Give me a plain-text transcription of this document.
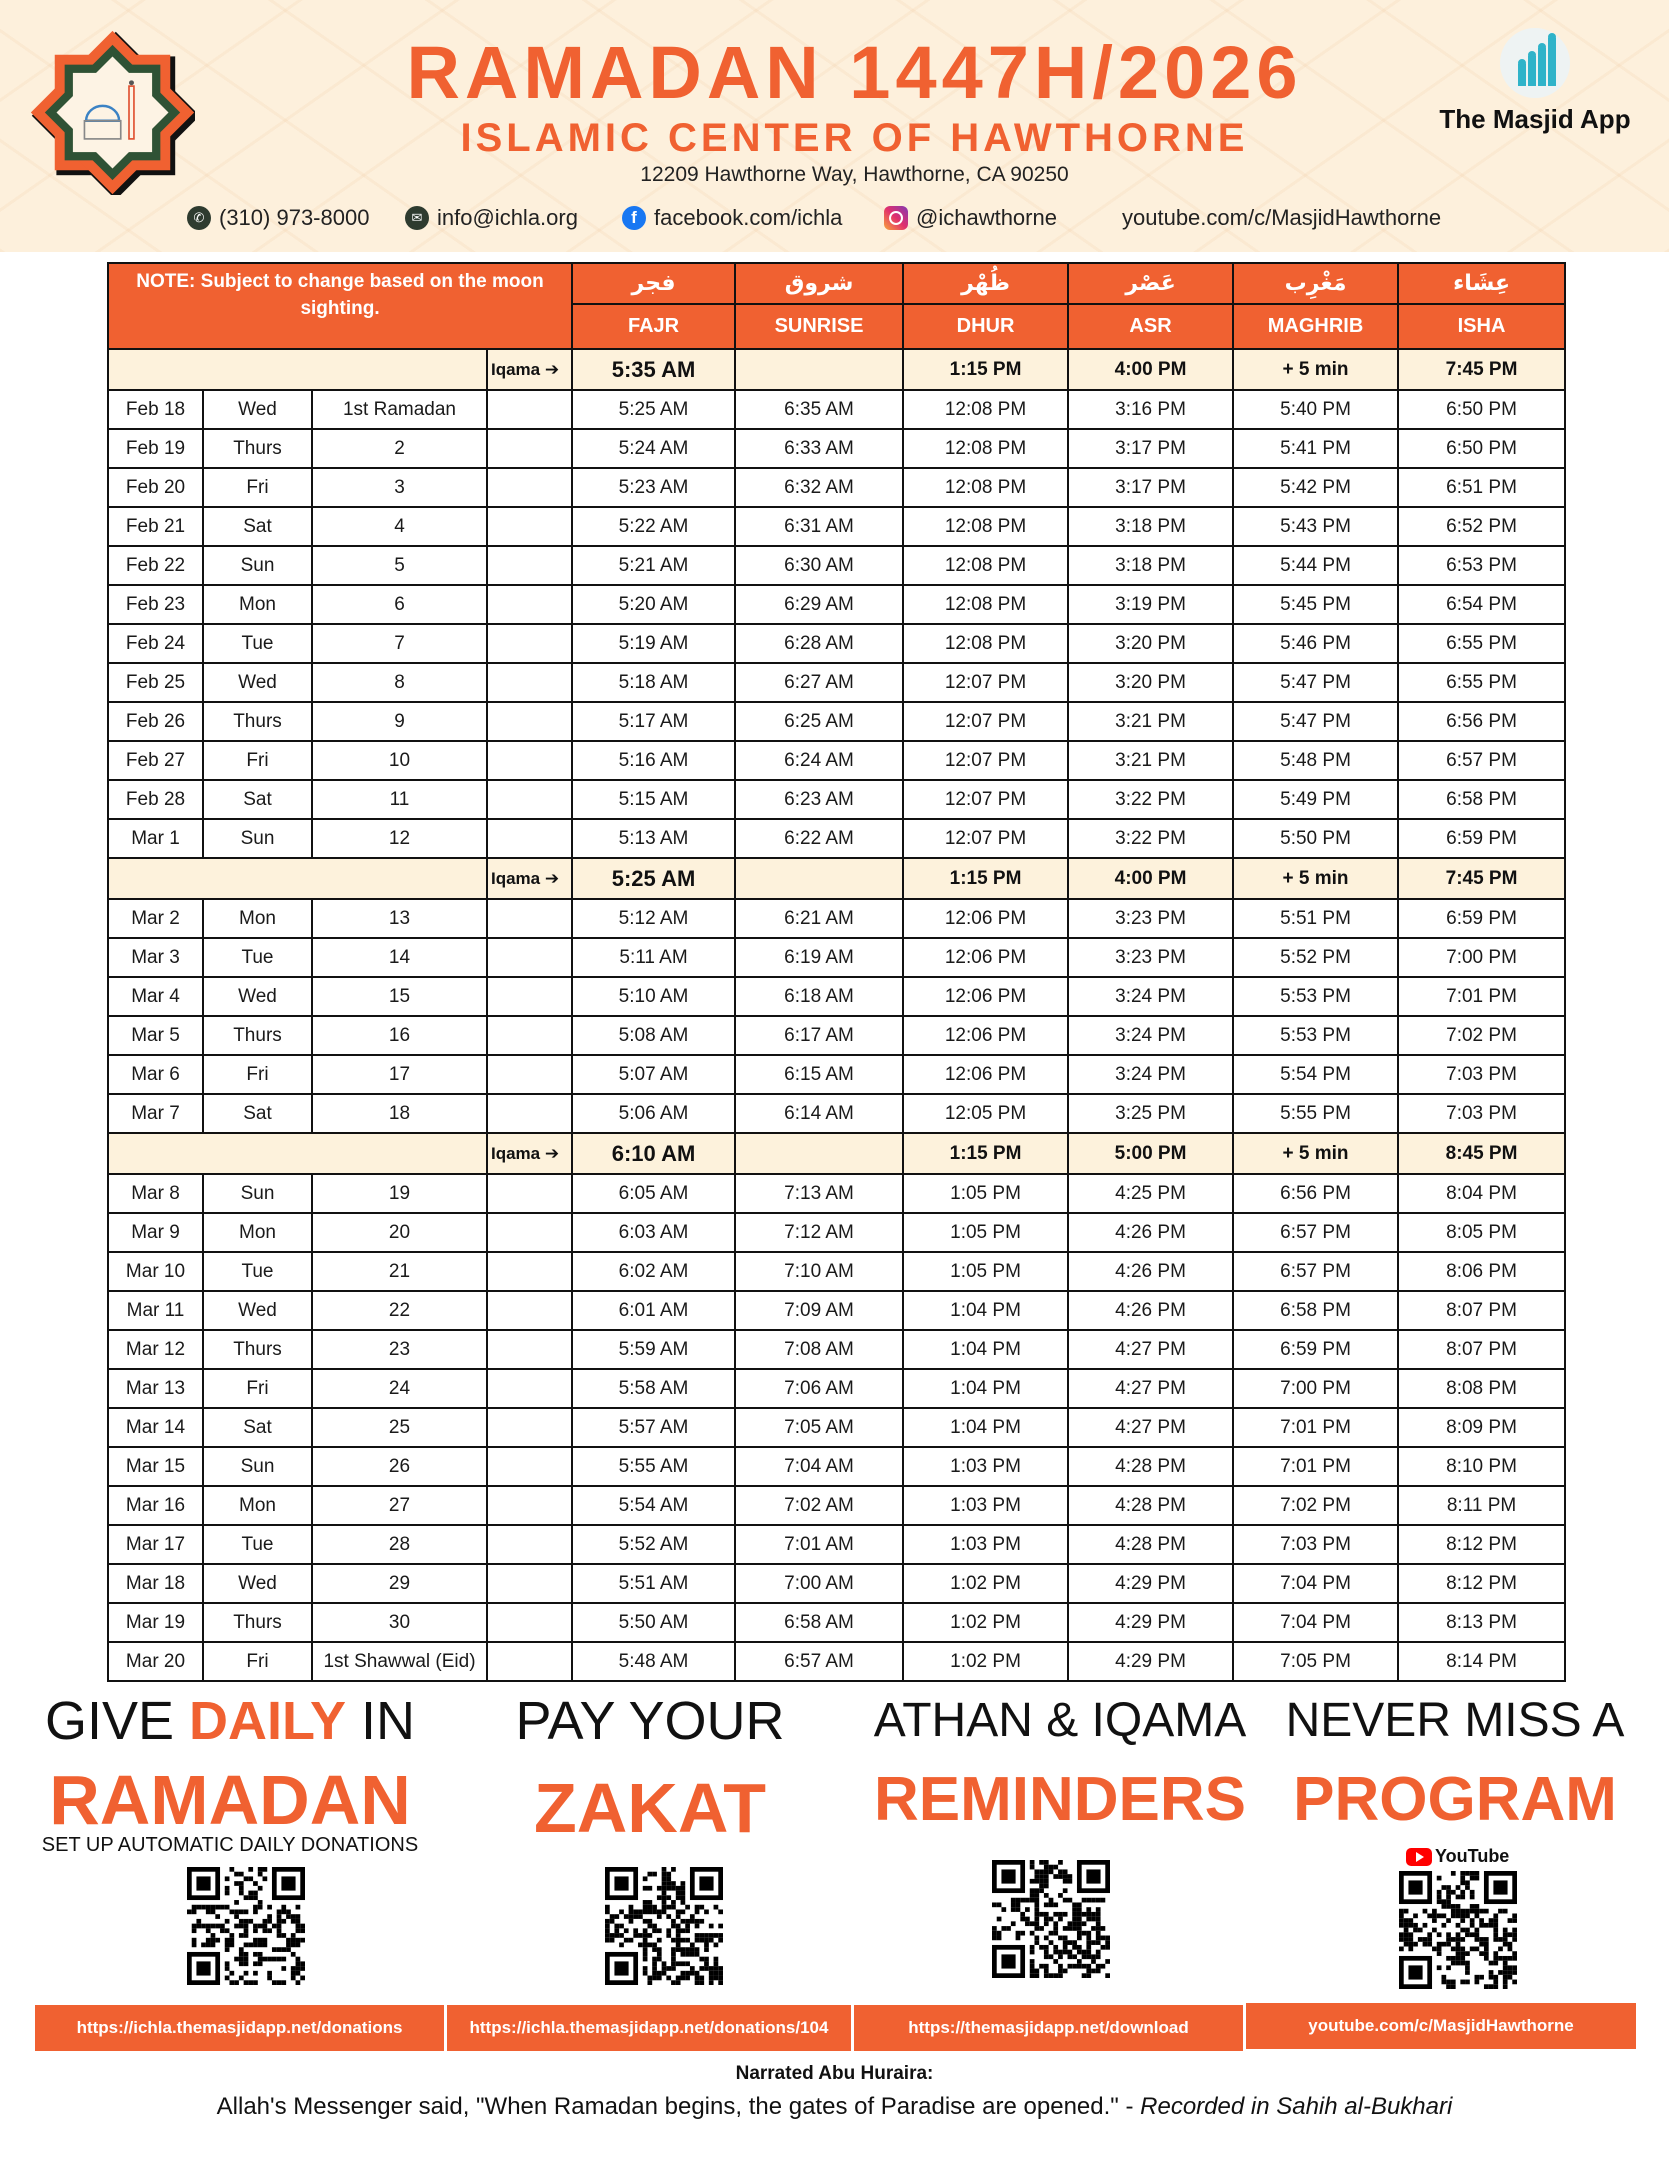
RAMADAN 1447H/2026
ISLAMIC CENTER OF HAWTHORNE
12209 Hawthorne Way, Hawthorne, CA 90250
✆ (310) 973-8000	✉ info@ichla.org	f facebook.com/ichla	@ichawthorne	youtube.com/c/MasjidHawthorne
The Masjid App
NOTE: Subject to change based on the moon sighting.				فجر	شروق	ظُهْر	عَصْر	مَغْرِب	عِشَاء
				FAJR	SUNRISE	DHUR	ASR	MAGHRIB	ISHA
			Iqama ➔	5:35 AM		1:15 PM	4:00 PM	+ 5 min	7:45 PM
Feb 18	Wed	1st Ramadan		5:25 AM	6:35 AM	12:08 PM	3:16 PM	5:40 PM	6:50 PM
Feb 19	Thurs	2		5:24 AM	6:33 AM	12:08 PM	3:17 PM	5:41 PM	6:50 PM
Feb 20	Fri	3		5:23 AM	6:32 AM	12:08 PM	3:17 PM	5:42 PM	6:51 PM
Feb 21	Sat	4		5:22 AM	6:31 AM	12:08 PM	3:18 PM	5:43 PM	6:52 PM
Feb 22	Sun	5		5:21 AM	6:30 AM	12:08 PM	3:18 PM	5:44 PM	6:53 PM
Feb 23	Mon	6		5:20 AM	6:29 AM	12:08 PM	3:19 PM	5:45 PM	6:54 PM
Feb 24	Tue	7		5:19 AM	6:28 AM	12:08 PM	3:20 PM	5:46 PM	6:55 PM
Feb 25	Wed	8		5:18 AM	6:27 AM	12:07 PM	3:20 PM	5:47 PM	6:55 PM
Feb 26	Thurs	9		5:17 AM	6:25 AM	12:07 PM	3:21 PM	5:47 PM	6:56 PM
Feb 27	Fri	10		5:16 AM	6:24 AM	12:07 PM	3:21 PM	5:48 PM	6:57 PM
Feb 28	Sat	11		5:15 AM	6:23 AM	12:07 PM	3:22 PM	5:49 PM	6:58 PM
Mar 1	Sun	12		5:13 AM	6:22 AM	12:07 PM	3:22 PM	5:50 PM	6:59 PM
			Iqama ➔	5:25 AM		1:15 PM	4:00 PM	+ 5 min	7:45 PM
Mar 2	Mon	13		5:12 AM	6:21 AM	12:06 PM	3:23 PM	5:51 PM	6:59 PM
Mar 3	Tue	14		5:11 AM	6:19 AM	12:06 PM	3:23 PM	5:52 PM	7:00 PM
Mar 4	Wed	15		5:10 AM	6:18 AM	12:06 PM	3:24 PM	5:53 PM	7:01 PM
Mar 5	Thurs	16		5:08 AM	6:17 AM	12:06 PM	3:24 PM	5:53 PM	7:02 PM
Mar 6	Fri	17		5:07 AM	6:15 AM	12:06 PM	3:24 PM	5:54 PM	7:03 PM
Mar 7	Sat	18		5:06 AM	6:14 AM	12:05 PM	3:25 PM	5:55 PM	7:03 PM
			Iqama ➔	6:10 AM		1:15 PM	5:00 PM	+ 5 min	8:45 PM
Mar 8	Sun	19		6:05 AM	7:13 AM	1:05 PM	4:25 PM	6:56 PM	8:04 PM
Mar 9	Mon	20		6:03 AM	7:12 AM	1:05 PM	4:26 PM	6:57 PM	8:05 PM
Mar 10	Tue	21		6:02 AM	7:10 AM	1:05 PM	4:26 PM	6:57 PM	8:06 PM
Mar 11	Wed	22		6:01 AM	7:09 AM	1:04 PM	4:26 PM	6:58 PM	8:07 PM
Mar 12	Thurs	23		5:59 AM	7:08 AM	1:04 PM	4:27 PM	6:59 PM	8:07 PM
Mar 13	Fri	24		5:58 AM	7:06 AM	1:04 PM	4:27 PM	7:00 PM	8:08 PM
Mar 14	Sat	25		5:57 AM	7:05 AM	1:04 PM	4:27 PM	7:01 PM	8:09 PM
Mar 15	Sun	26		5:55 AM	7:04 AM	1:03 PM	4:28 PM	7:01 PM	8:10 PM
Mar 16	Mon	27		5:54 AM	7:02 AM	1:03 PM	4:28 PM	7:02 PM	8:11 PM
Mar 17	Tue	28		5:52 AM	7:01 AM	1:03 PM	4:28 PM	7:03 PM	8:12 PM
Mar 18	Wed	29		5:51 AM	7:00 AM	1:02 PM	4:29 PM	7:04 PM	8:12 PM
Mar 19	Thurs	30		5:50 AM	6:58 AM	1:02 PM	4:29 PM	7:04 PM	8:13 PM
Mar 20	Fri	1st Shawwal (Eid)		5:48 AM	6:57 AM	1:02 PM	4:29 PM	7:05 PM	8:14 PM
GIVE DAILY IN
RAMADAN
SET UP AUTOMATIC DAILY DONATIONS
PAY YOUR
ZAKAT
ATHAN & IQAMA
REMINDERS
NEVER MISS A
PROGRAM
YouTube
https://ichla.themasjidapp.net/donations	https://ichla.themasjidapp.net/donations/104	https://themasjidapp.net/download	youtube.com/c/MasjidHawthorne
Narrated Abu Huraira:
Allah's Messenger said, "When Ramadan begins, the gates of Paradise are opened." - Recorded in Sahih al-Bukhari
